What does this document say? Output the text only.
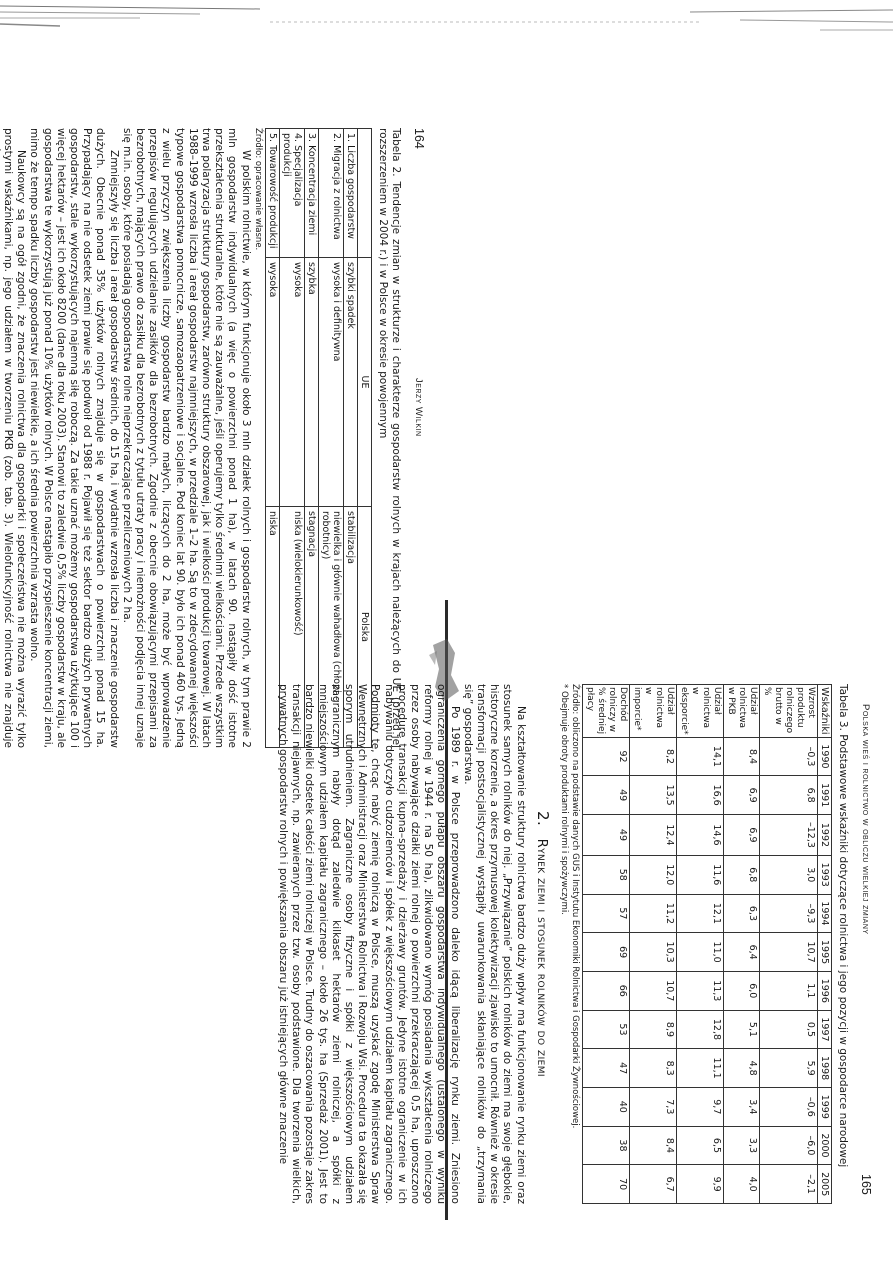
164
Jerzy Wilkin

Tabela 2. Tendencje zmian w strukturze i charakterze gospodarstw rolnych w krajach należących do UE (przed jej rozszerzeniem w 2004 r.) i w Polsce w okresie powojennym

	UE	Polska
1. Liczba gospodarstw	szybki spadek	stabilizacja
2. Migracja z rolnictwa	wysoka i definitywna	niewielka i głównie wahadłowa (chłopi – robotnicy)
3. Koncentracja ziemi	szybka	stagnacja
4. Specjalizacja produkcji	wysoka	niska (wielokierunkowość)
5. Towarowość produkcji	wysoka	niska

Źródło: opracowanie własne.

W polskim rolnictwie, w którym funkcjonuje około 3 mln działek rolnych i gospodarstw rolnych, w tym prawie 2 mln gospodarstw indywidualnych (a więc o powierzchni ponad 1 ha), w latach 90. nastąpiły dość istotne przekształcenia strukturalne, które nie są zauważalne, jeśli operujemy tylko średnimi wielkościami. Przede wszystkim trwa polaryzacja struktury gospodarstw, zarówno struktury obszarowej, jak i wielkości produkcji towarowej. W latach 1988–1999 wzrosła liczba i areał gospodarstw najmniejszych, w przedziale 1–2 ha. Są to w zdecydowanej większości typowe gospodarstwa pomocnicze, samozaopatrzeniowe i socjalne. Pod koniec lat 90. było ich ponad 460 tys. Jedną z wielu przyczyn zwiększenia liczby gospodarstw bardzo małych, liczących do 2 ha, może być wprowadzenie przepisów regulujących udzielanie zasiłków dla bezrobotnych. Zgodnie z obecnie obowiązującymi przepisami za bezrobotnych, mających prawo do zasiłku dla bezrobotnych z tytułu utraty pracy i niemożności podjęcia innej uznaje się m.in. osoby, które posiadają gospodarstwa rolne nieprzekraczające przeliczeniowych 2 ha.

Zmniejszyły się liczba i areał gospodarstw średnich, do 15 ha, i wydatnie wzrosła liczba i znaczenie gospodarstw dużych. Obecnie ponad 35% użytków rolnych znajduje się w gospodarstwach o powierzchni ponad 15 ha. Przypadający na nie odsetek ziemi prawie się podwoił od 1988 r. Pojawił się też sektor bardzo dużych prywatnych gospodarstw, stale wykorzystujących najemną siłę roboczą. Za takie uznać możemy gospodarstwa użytkujące 100 i więcej hektarów – jest ich około 8200 (dane dla roku 2003). Stanowi to zaledwie 0,5% liczby gospodarstw w kraju, ale gospodarstwa te wykorzystują już ponad 10% użytków rolnych. W Polsce nastąpiło przyspieszenie koncentracji ziemi, mimo że tempo spadku liczby gospodarstw jest niewielkie, a ich średnia powierzchnia wzrasta wolno.

Naukowcy są na ogół zgodni, że znaczenia rolnictwa dla gospodarki i społeczeństwa nie można wyrazić tylko prostymi wskaźnikami, np. jego udziałem w tworzeniu PKB (zob. tab. 3). Wielofunkcyjność rolnictwa nie znajduje	Polska wieś i rolnictwo w obliczu wielkiej zmiany
165

Tabela 3. Podstawowe wskaźniki dotyczące rolnictwa i jego pozycji w gospodarce narodowej

Wskaźniki	1990	1991	1992	1993	1994	1995	1996	1997	1998	1999	2000	2005
Wzrost produktu rolniczego brutto w %	–0,3	6,8	–12,3	3,0	–9,3	10,7	1,1	0,5	5,9	–0,6	–6,0	–2,1
Udział rolnictwa w PKB	8,4	6,9	6,9	6,8	6,3	6,4	6,0	5,1	4,8	3,4	3,3	4,0
Udział rolnictwa w eksporcie*	14,1	16,6	14,6	11,6	12,1	11,0	11,3	12,8	11,1	9,7	6,5	9,9
Udział rolnictwa w imporcie*	8,2	13,5	12,4	12,0	11,2	10,3	10,7	8,9	8,3	7,3	8,4	6,7
Dochód rolniczy w % średniej płacy	92	49	49	58	57	69	66	53	47	40	38	70

Źródło: obliczono na podstawie danych GUS i Instytutu Ekonomiki Rolnictwa i Gospodarki Żywnościowej.

* Obejmuje obroty produktami rolnymi i spożywczymi.

2. Rynek ziemi i stosunek rolników do ziemi

Na kształtowanie struktury rolnictwa bardzo duży wpływ ma funkcjonowanie rynku ziemi oraz stosunek samych rolników do niej. „Przywiązanie” polskich rolników do ziemi ma swoje głębokie, historyczne korzenie, a okres przymusowej kolektywizacji zjawisko to umocnił. Również w okresie transformacji postsocjalistycznej wystąpiły uwarunkowania skłaniające rolników do „trzymania się” gospodarstwa.

Po 1989 r. w Polsce przeprowadzono daleko idącą liberalizację rynku ziemi. Zniesiono ograniczenia górnego pułapu obszaru gospodarstwa indywidualnego (ustalonego w wyniku reformy rolnej w 1944 r. na 50 ha), zlikwidowano wymóg posiadania wykształcenia rolniczego przez osoby nabywające działki ziemi rolnej o powierzchni przekraczającej 0,5 ha, uproszczono procedurę transakcji kupna–sprzedaży i dzierżawy gruntów. Jedyne istotne ograniczenie w ich nabywaniu dotyczyło cudzoziemców i spółek z większościowym udziałem kapitału zagranicznego. Podmioty te, chcąc nabyć ziemię rolniczą w Polsce, muszą uzyskać zgodę Ministerstwa Spraw Wewnętrznych i Administracji oraz Ministerstwa Rolnictwa i Rozwoju Wsi. Procedura ta okazała się sporym utrudnieniem. Zagraniczne osoby fizyczne i spółki z większościowym udziałem zagranicznym nabyły dotąd zaledwie kilkaset hektarów ziemi rolniczej, a spółki z mniejszościowym udziałem kapitału zagranicznego – około 26 tys. ha (Sprzedaż 2001). Jest to bardzo niewielki odsetek całości ziemi rolniczej w Polsce. Trudny do oszacowania pozostaje zakres transakcji niejawnych, np. zawieranych przez tzw. osoby podstawione. Dla tworzenia wielkich, prywatnych gospodarstw rolnych i powiększania obszaru już istniejących główne znaczenie
